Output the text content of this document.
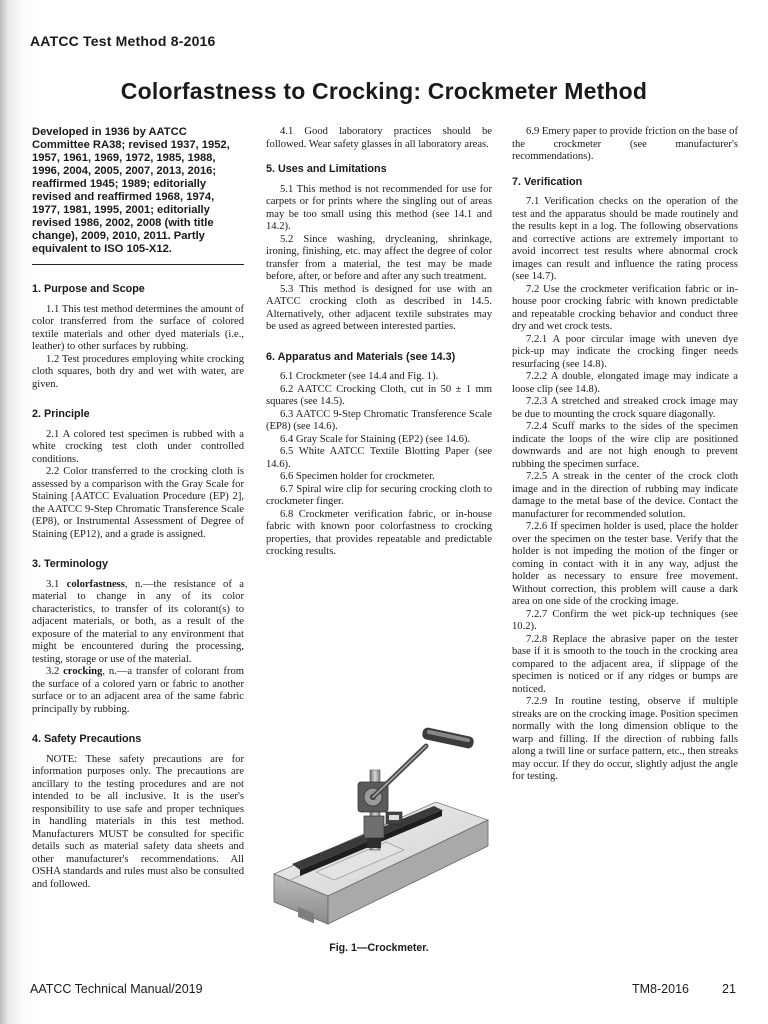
AATCC Test Method 8-2016
Colorfastness to Crocking: Crockmeter Method
Developed in 1936 by AATCC Committee RA38; revised 1937, 1952, 1957, 1961, 1969, 1972, 1985, 1988, 1996, 2004, 2005, 2007, 2013, 2016; reaffirmed 1945; 1989; editorially revised and reaffirmed 1968, 1974, 1977, 1981, 1995, 2001; editorially revised 1986, 2002, 2008 (with title change), 2009, 2010, 2011. Partly equivalent to ISO 105-X12.
1. Purpose and Scope

1.1 This test method determines the amount of color transferred from the surface of colored textile materials and other dyed materials (i.e., leather) to other surfaces by rubbing.

1.2 Test procedures employing white crocking cloth squares, both dry and wet with water, are given.

2. Principle

2.1 A colored test specimen is rubbed with a white crocking test cloth under controlled conditions.

2.2 Color transferred to the crocking cloth is assessed by a comparison with the Gray Scale for Staining [AATCC Evaluation Procedure (EP) 2], the AATCC 9-Step Chromatic Transference Scale (EP8), or Instrumental Assessment of Degree of Staining (EP12), and a grade is assigned.

3. Terminology

3.1 colorfastness, n.—the resistance of a material to change in any of its color characteristics, to transfer of its colorant(s) to adjacent materials, or both, as a result of the exposure of the material to any environment that might be encountered during the processing, testing, storage or use of the material.

3.2 crocking, n.—a transfer of colorant from the surface of a colored yarn or fabric to another surface or to an adjacent area of the same fabric principally by rubbing.

4. Safety Precautions

NOTE: These safety precautions are for information purposes only. The precautions are ancillary to the testing procedures and are not intended to be all inclusive. It is the user's responsibility to use safe and proper techniques in handling materials in this test method. Manufacturers MUST be consulted for specific details such as material safety data sheets and other manufacturer's recommendations. All OSHA standards and rules must also be consulted and followed.

4.1 Good laboratory practices should be followed. Wear safety glasses in all laboratory areas.

5. Uses and Limitations

5.1 This method is not recommended for use for carpets or for prints where the singling out of areas may be too small using this method (see 14.1 and 14.2).

5.2 Since washing, drycleaning, shrinkage, ironing, finishing, etc. may affect the degree of color transfer from a material, the test may be made before, after, or before and after any such treatment.

5.3 This method is designed for use with an AATCC crocking cloth as described in 14.5. Alternatively, other adjacent textile substrates may be used as agreed between interested parties.

6. Apparatus and Materials (see 14.3)

6.1 Crockmeter (see 14.4 and Fig. 1).

6.2 AATCC Crocking Cloth, cut in 50 ± 1 mm squares (see 14.5).

6.3 AATCC 9-Step Chromatic Transference Scale (EP8) (see 14.6).

6.4 Gray Scale for Staining (EP2) (see 14.6).

6.5 White AATCC Textile Blotting Paper (see 14.6).

6.6 Specimen holder for crockmeter.

6.7 Spiral wire clip for securing crocking cloth to crockmeter finger.

6.8 Crockmeter verification fabric, or in-house fabric with known poor colorfastness to crocking properties, that provides repeatable and predictable crocking results.

Fig. 1—Crockmeter.

6.9 Emery paper to provide friction on the base of the crockmeter (see manufacturer's recommendations).

7. Verification

7.1 Verification checks on the operation of the test and the apparatus should be made routinely and the results kept in a log. The following observations and corrective actions are extremely important to avoid incorrect test results where abnormal crock images can result and influence the rating process (see 14.7).

7.2 Use the crockmeter verification fabric or in-house poor crocking fabric with known predictable and repeatable crocking behavior and conduct three dry and wet crock tests.

7.2.1 A poor circular image with uneven dye pick-up may indicate the crocking finger needs resurfacing (see 14.8).

7.2.2 A double, elongated image may indicate a loose clip (see 14.8).

7.2.3 A stretched and streaked crock image may be due to mounting the crock square diagonally.

7.2.4 Scuff marks to the sides of the specimen indicate the loops of the wire clip are positioned downwards and are not high enough to prevent rubbing the specimen surface.

7.2.5 A streak in the center of the crock cloth image and in the direction of rubbing may indicate damage to the metal base of the device. Contact the manufacturer for recommended solution.

7.2.6 If specimen holder is used, place the holder over the specimen on the tester base. Verify that the holder is not impeding the motion of the finger or coming in contact with it in any way, adjust the holder as necessary to ensure free movement. Without correction, this problem will cause a dark area on one side of the crocking image.

7.2.7 Confirm the wet pick-up techniques (see 10.2).

7.2.8 Replace the abrasive paper on the tester base if it is smooth to the touch in the crocking area compared to the adjacent area, if slippage of the specimen is noticed or if any ridges or bumps are noticed.

7.2.9 In routine testing, observe if multiple streaks are on the crocking image. Position specimen normally with the long dimension oblique to the warp and filling. If the direction of rubbing falls along a twill line or surface pattern, etc., then streaks may occur. If they do occur, slightly adjust the angle for testing.

AATCC Technical Manual/2019	TM8-2016	21
